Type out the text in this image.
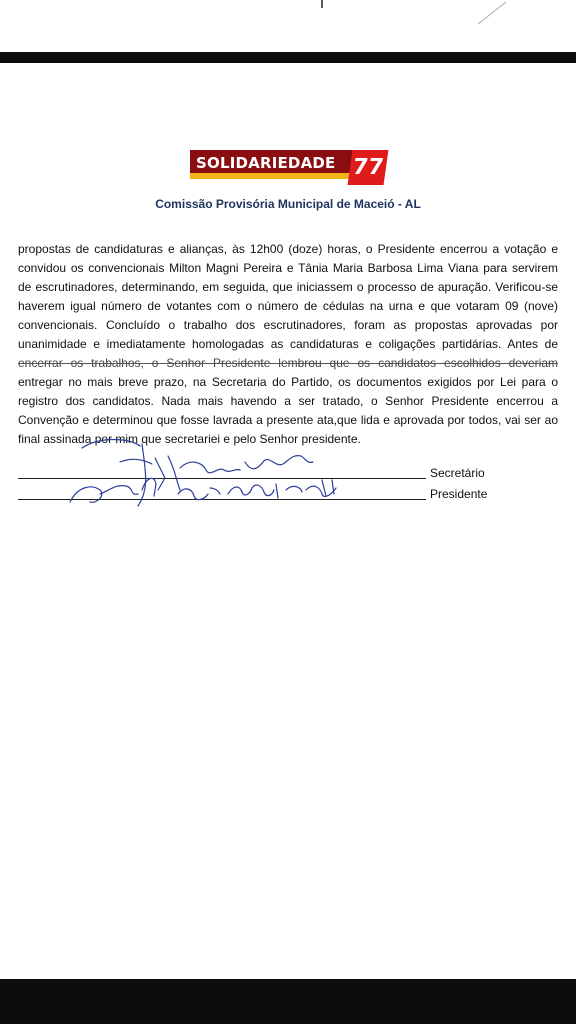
SOLIDARIEDADE 77
Comissão Provisória Municipal de Maceió - AL
propostas de candidaturas e alianças, às 12h00 (doze) horas, o Presidente encerrou a votação e
convidou os convencionais Milton Magni Pereira e Tânia Maria Barbosa Lima Viana para servirem
de escrutinadores, determinando, em seguida, que iniciassem o processo de apuração. Verificou-se
haverem igual número de votantes com o número de cédulas na urna e que votaram 09 (nove)
convencionais. Concluído o trabalho dos escrutinadores, foram as propostas aprovadas por
unanimidade e imediatamente homologadas as candidaturas e coligações partidárias. Antes de
encerrar os trabalhos, o Senhor Presidente lembrou que os candidatos escolhidos deveriam
entregar no mais breve prazo, na Secretaria do Partido, os documentos exigidos por Lei para o
registro dos candidatos. Nada mais havendo a ser tratado, o Senhor Presidente encerrou a
Convenção e determinou que fosse lavrada a presente ata,que lida e aprovada por todos, vai ser ao
final assinada por mim que secretariei e pelo Senhor presidente.
Secretário
Presidente
